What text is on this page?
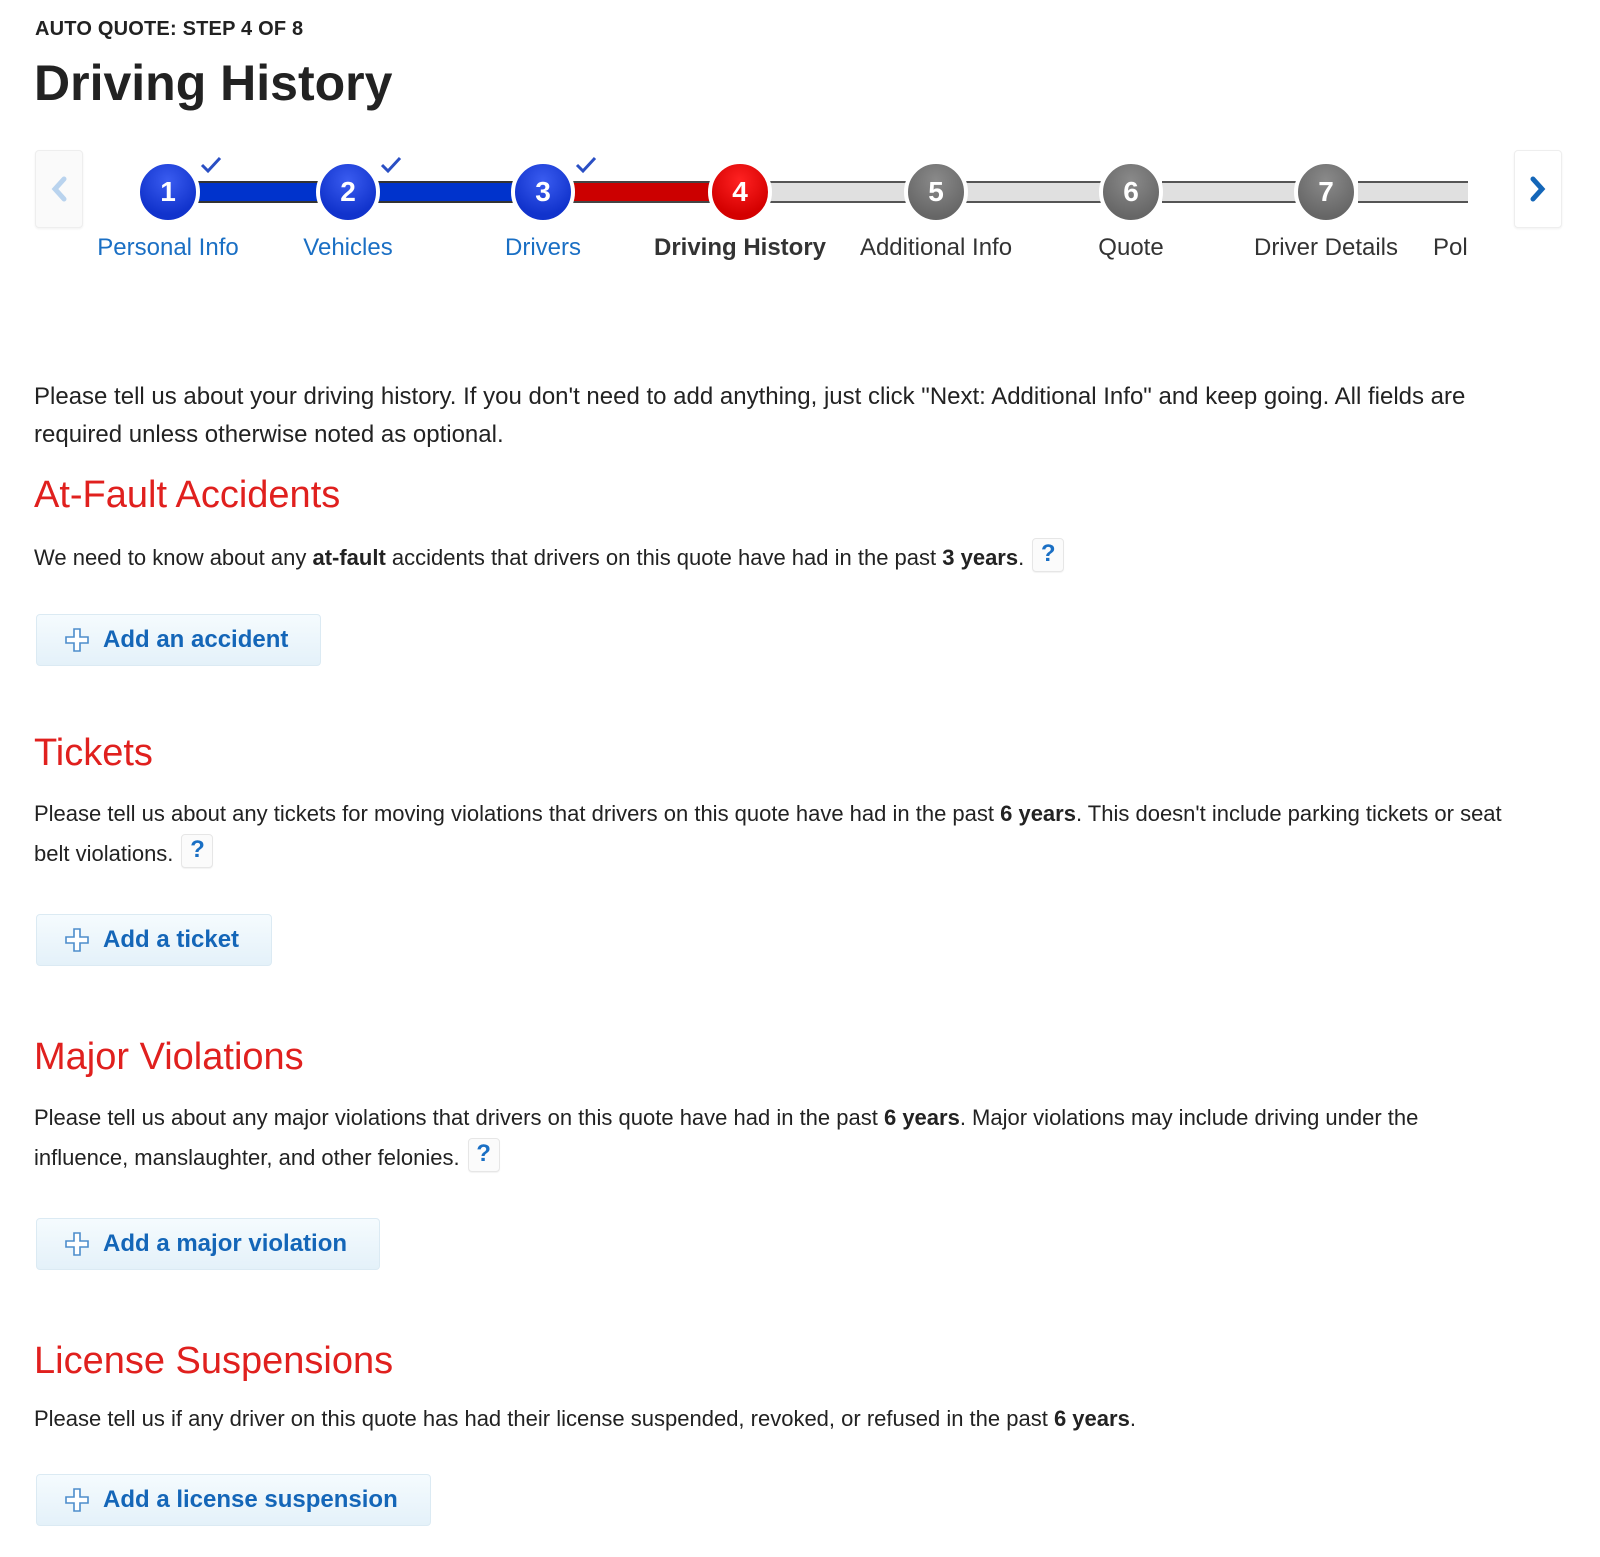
AUTO QUOTE: STEP 4 OF 8
Driving History
1	2	3	4	5	6	7
Personal Info	Vehicles	Drivers	Driving History Additional Info	Quote	Driver Details Pol

Please tell us about your driving history. If you don't need to add anything, just click "Next: Additional Info" and keep going. All fields are required unless otherwise noted as optional.

At-Fault Accidents

We need to know about any at-fault accidents that drivers on this quote have had in the past 3 years. ?

Add an accident
Tickets

Please tell us about any tickets for moving violations that drivers on this quote have had in the past 6 years. This doesn't include parking tickets or seat belt violations. ?

Add a ticket
Major Violations

Please tell us about any major violations that drivers on this quote have had in the past 6 years. Major violations may include driving under the influence, manslaughter, and other felonies. ?

Add a major violation
License Suspensions

Please tell us if any driver on this quote has had their license suspended, revoked, or refused in the past 6 years.

Add a license suspension
